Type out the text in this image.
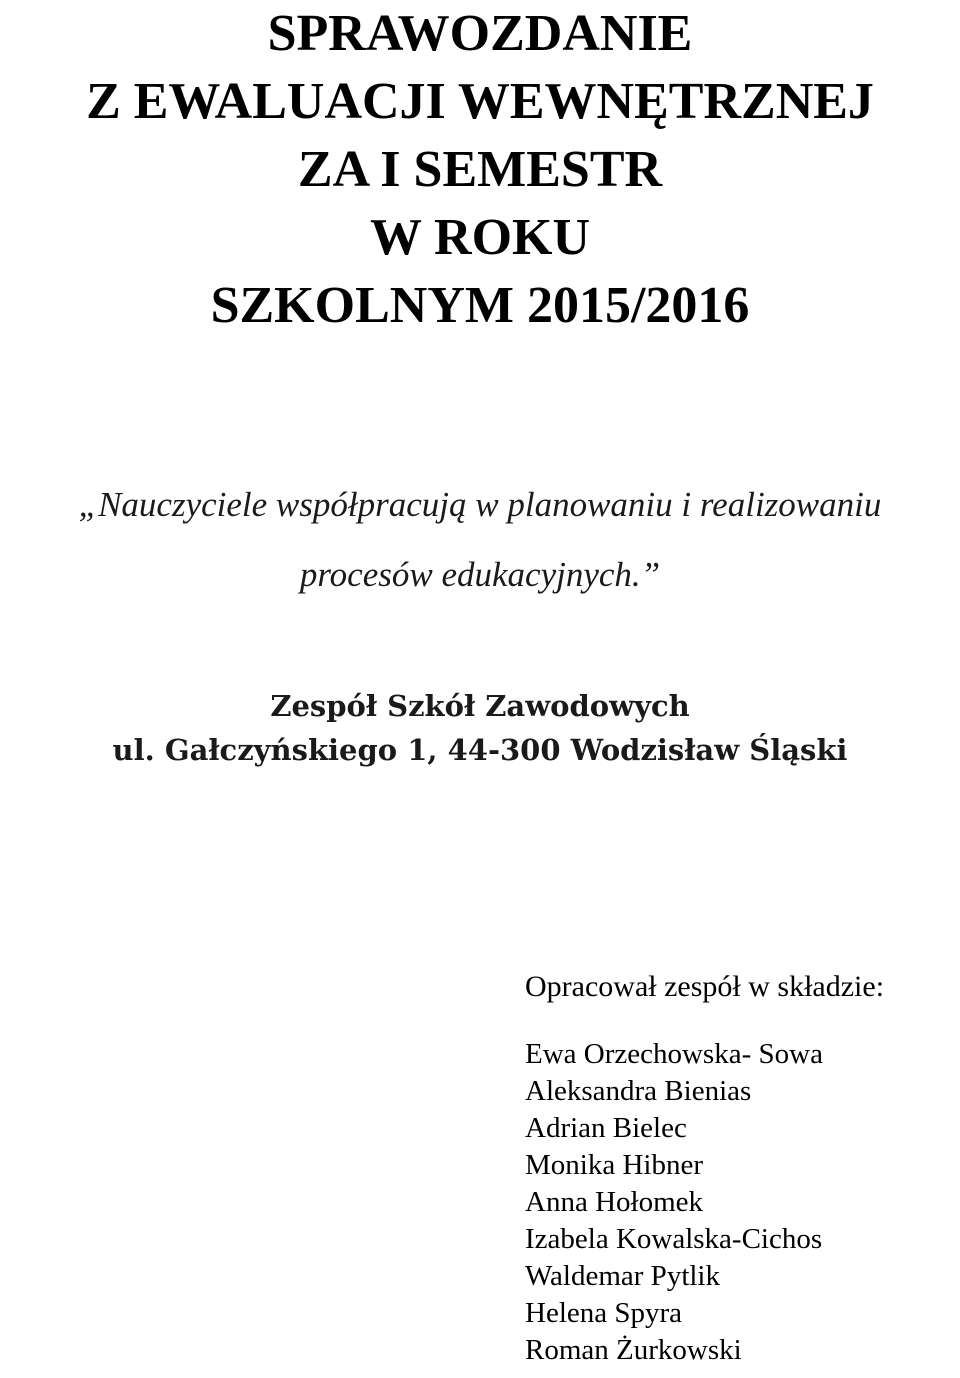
SPRAWOZDANIE
Z EWALUACJI WEWNĘTRZNEJ
ZA I SEMESTR
W ROKU
SZKOLNYM 2015/2016
„Nauczyciele współpracują w planowaniu i realizowaniu
procesów edukacyjnych.”
Zespół Szkół Zawodowych
ul. Gałczyńskiego 1, 44-300 Wodzisław Śląski
Opracował zespół w składzie:
Ewa Orzechowska- Sowa
Aleksandra Bienias
Adrian Bielec
Monika Hibner
Anna Hołomek
Izabela Kowalska-Cichos
Waldemar Pytlik
Helena Spyra
Roman Żurkowski
